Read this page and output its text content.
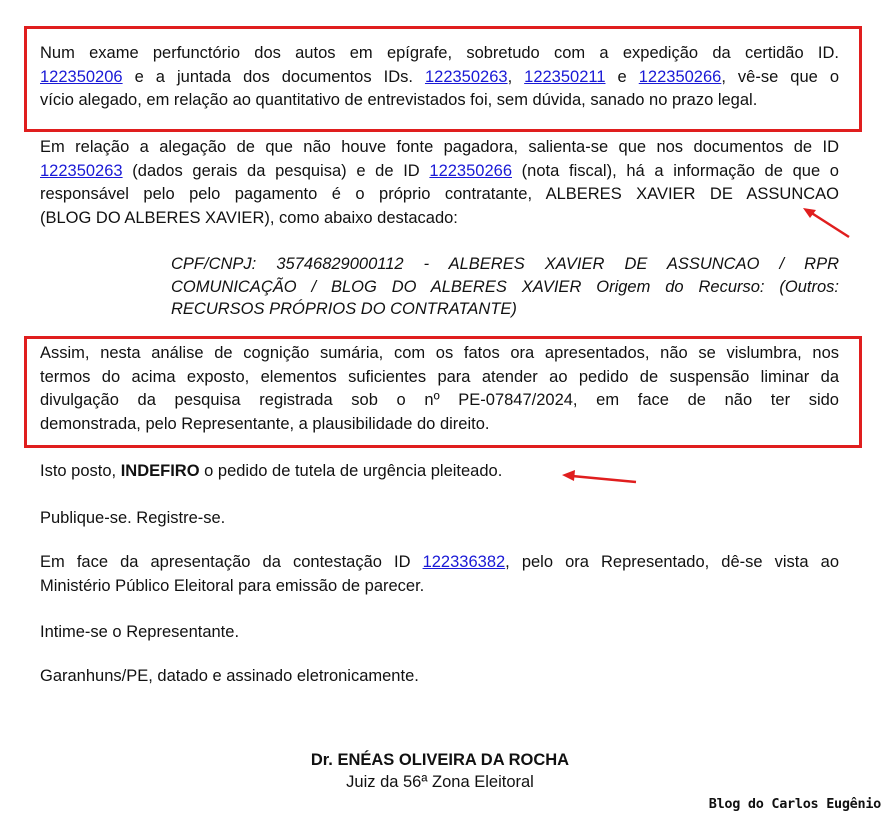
Num exame perfunctório dos autos em epígrafe, sobretudo com a expedição da certidão ID.
122350206 e a juntada dos documentos IDs. 122350263, 122350211 e 122350266, vê-se que o
vício alegado, em relação ao quantitativo de entrevistados foi, sem dúvida, sanado no prazo legal.
Em relação a alegação de que não houve fonte pagadora, salienta-se que nos documentos de ID
122350263 (dados gerais da pesquisa) e de ID 122350266 (nota fiscal), há a informação de que o
responsável pelo pelo pagamento é o próprio contratante, ALBERES XAVIER DE ASSUNCAO
(BLOG DO ALBERES XAVIER), como abaixo destacado:
CPF/CNPJ: 35746829000112 - ALBERES XAVIER DE ASSUNCAO / RPR
COMUNICAÇÃO / BLOG DO ALBERES XAVIER Origem do Recurso: (Outros:
RECURSOS PRÓPRIOS DO CONTRATANTE)
Assim, nesta análise de cognição sumária, com os fatos ora apresentados, não se vislumbra, nos
termos do acima exposto, elementos suficientes para atender ao pedido de suspensão liminar da
divulgação da pesquisa registrada sob o nº PE-07847/2024, em face de não ter sido
demonstrada, pelo Representante, a plausibilidade do direito.
Isto posto, INDEFIRO o pedido de tutela de urgência pleiteado.
Publique-se. Registre-se.
Em face da apresentação da contestação ID 122336382, pelo ora Representado, dê-se vista ao
Ministério Público Eleitoral para emissão de parecer.
Intime-se o Representante.
Garanhuns/PE, datado e assinado eletronicamente.
Dr. ENÉAS OLIVEIRA DA ROCHA
Juiz da 56ª Zona Eleitoral
Blog do Carlos Eugênio
